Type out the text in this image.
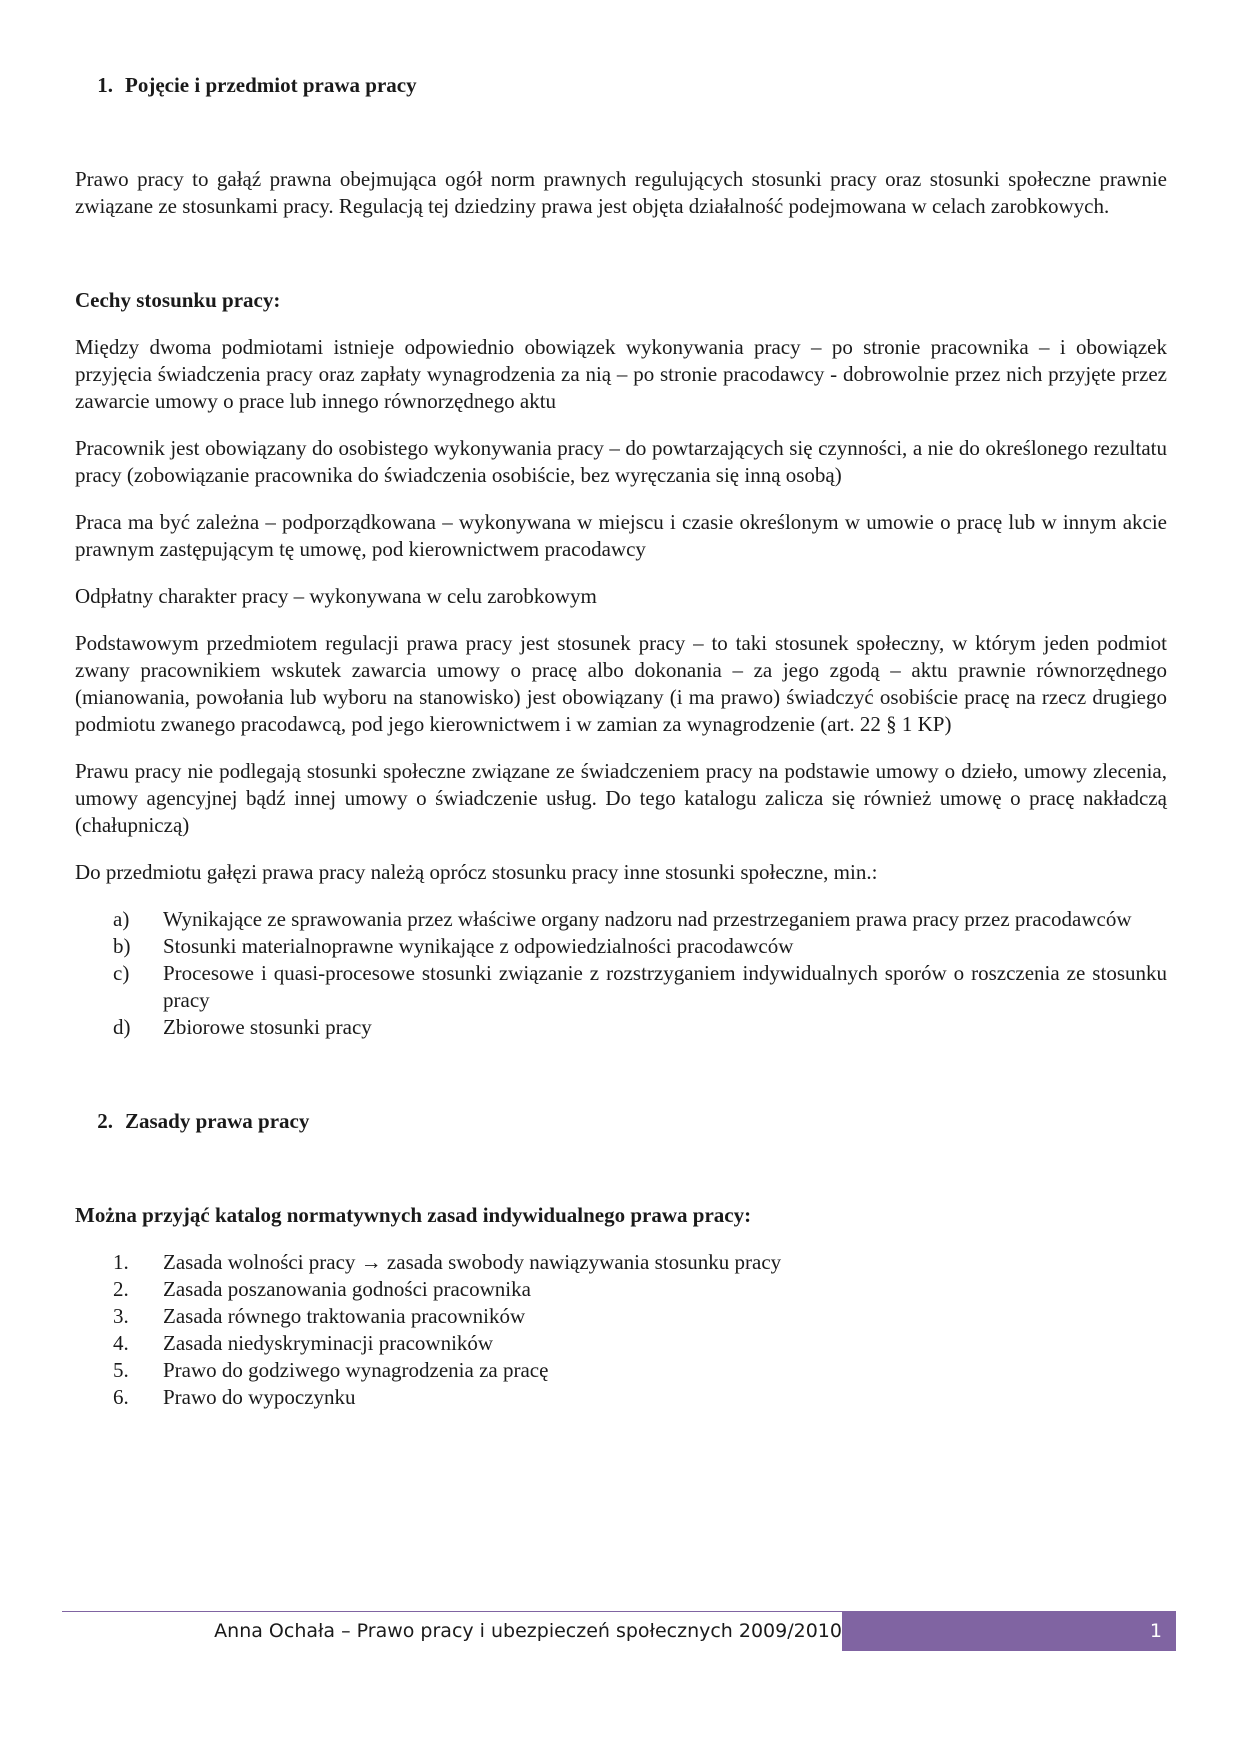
1. Pojęcie i przedmiot prawa pracy

Prawo pracy to gałąź prawna obejmująca ogół norm prawnych regulujących stosunki pracy oraz stosunki społeczne prawnie związane ze stosunkami pracy. Regulacją tej dziedziny prawa jest objęta działalność podejmowana w celach zarobkowych.

Cechy stosunku pracy:

Między dwoma podmiotami istnieje odpowiednio obowiązek wykonywania pracy – po stronie pracownika – i obowiązek przyjęcia świadczenia pracy oraz zapłaty wynagrodzenia za nią – po stronie pracodawcy - dobrowolnie przez nich przyjęte przez zawarcie umowy o prace lub innego równorzędnego aktu

Pracownik jest obowiązany do osobistego wykonywania pracy – do powtarzających się czynności, a nie do określonego rezultatu pracy (zobowiązanie pracownika do świadczenia osobiście, bez wyręczania się inną osobą)

Praca ma być zależna – podporządkowana – wykonywana w miejscu i czasie określonym w umowie o pracę lub w innym akcie prawnym zastępującym tę umowę, pod kierownictwem pracodawcy

Odpłatny charakter pracy – wykonywana w celu zarobkowym

Podstawowym przedmiotem regulacji prawa pracy jest stosunek pracy – to taki stosunek społeczny, w którym jeden podmiot zwany pracownikiem wskutek zawarcia umowy o pracę albo dokonania – za jego zgodą – aktu prawnie równorzędnego (mianowania, powołania lub wyboru na stanowisko) jest obowiązany (i ma prawo) świadczyć osobiście pracę na rzecz drugiego podmiotu zwanego pracodawcą, pod jego kierownictwem i w zamian za wynagrodzenie (art. 22 § 1 KP)

Prawu pracy nie podlegają stosunki społeczne związane ze świadczeniem pracy na podstawie umowy o dzieło, umowy zlecenia, umowy agencyjnej bądź innej umowy o świadczenie usług. Do tego katalogu zalicza się również umowę o pracę nakładczą (chałupniczą)

Do przedmiotu gałęzi prawa pracy należą oprócz stosunku pracy inne stosunki społeczne, min.:

a)	Wynikające ze sprawowania przez właściwe organy nadzoru nad przestrzeganiem prawa pracy przez pracodawców
b)	Stosunki materialnoprawne wynikające z odpowiedzialności pracodawców
c)	Procesowe i quasi-procesowe stosunki związanie z rozstrzyganiem indywidualnych sporów o roszczenia ze stosunku pracy
d)	Zbiorowe stosunki pracy
2. Zasady prawa pracy
Można przyjąć katalog normatywnych zasad indywidualnego prawa pracy:
1.	Zasada wolności pracy → zasada swobody nawiązywania stosunku pracy
2.	Zasada poszanowania godności pracownika
3.	Zasada równego traktowania pracowników
4.	Zasada niedyskryminacji pracowników
5.	Prawo do godziwego wynagrodzenia za pracę
6.	Prawo do wypoczynku
Anna Ochała – Prawo pracy i ubezpieczeń społecznych 2009/2010	1
